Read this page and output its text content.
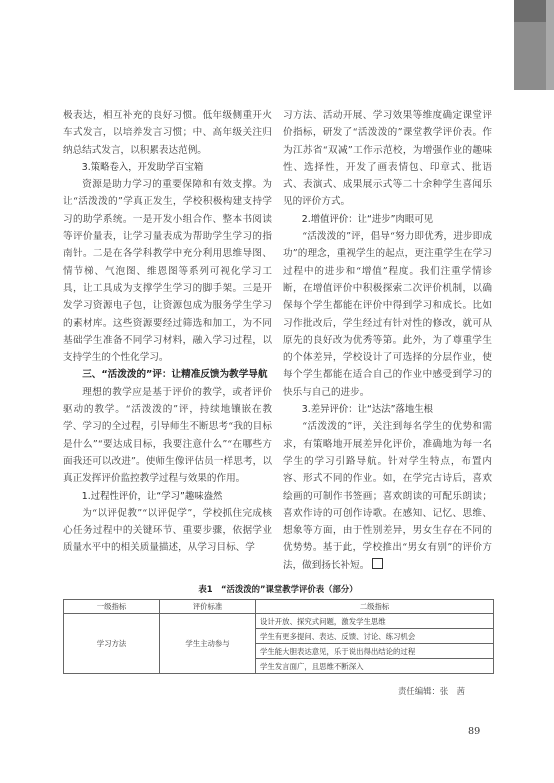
极表达，相互补充的良好习惯。低年级侧重开火车式发言，以培养发言习惯；中、高年级关注归纳总结式发言，以积累表达范例。

3.策略卷入，开发助学百宝箱

资源是助力学习的重要保障和有效支撑。为让“活泼泼的”学真正发生，学校积极构建支持学习的助学系统。一是开发小组合作、整本书阅读等评价量表，让学习量表成为帮助学生学习的指南针。二是在各学科教学中充分利用思维导图、情节梯、气泡图、维恩图等系列可视化学习工具，让工具成为支撑学生学习的脚手架。三是开发学习资源电子包，让资源包成为服务学生学习的素材库。这些资源要经过筛选和加工，为不同基础学生准备不同学习材料，融入学习过程，以支持学生的个性化学习。

三、“活泼泼的”评：让精准反馈为教学导航

理想的教学应是基于评价的教学，或者评价驱动的教学。“活泼泼的”评，持续地镶嵌在教学、学习的全过程，引导师生不断思考“我的目标是什么”“要达成目标，我要注意什么”“在哪些方面我还可以改进”。使师生像评估员一样思考，以真正发挥评价监控教学过程与效果的作用。

1.过程性评价，让“学习”趣味盎然

为“以评促教”“以评促学”，学校抓住完成核心任务过程中的关键环节、重要步骤，依据学业质量水平中的相关质量描述，从学习目标、学

习方法、活动开展、学习效果等维度确定课堂评价指标，研发了“活泼泼的”课堂教学评价表。作为江苏省“双减”工作示范校，为增强作业的趣味性、选择性，开发了画表情包、印章式、批语式、表演式、成果展示式等二十余种学生喜闻乐见的评价方式。

2.增值评价：让“进步”肉眼可见

“活泼泼的”评，倡导“努力即优秀，进步即成功”的理念，重视学生的起点，更注重学生在学习过程中的进步和“增值”程度。我们注重学情诊断，在增值评价中积极探索二次评价机制，以确保每个学生都能在评价中得到学习和成长。比如习作批改后，学生经过有针对性的修改，就可从原先的良好改为优秀等第。此外，为了尊重学生的个体差异，学校设计了可选择的分层作业，使每个学生都能在适合自己的作业中感受到学习的快乐与自己的进步。

3.差异评价：让“达法”落地生根

“活泼泼的”评，关注到每名学生的优势和需求，有策略地开展差异化评价，准确地为每一名学生的学习引路导航。针对学生特点，布置内容、形式不同的作业。如，在学完古诗后，喜欢绘画的可制作书签画；喜欢朗读的可配乐朗读；喜欢作诗的可创作诗歌。在感知、记忆、思维、想象等方面，由于性别差异，男女生存在不同的优势势。基于此，学校推出“男女有别”的评价方法，做到扬长补短。

表1　“活泼泼的”课堂教学评价表（部分）
一级指标	评价标准	二级指标
学习方法	学生主动参与	设计开放、探究式问题，激发学生思维
		学生有更多提问、表达、反馈、讨论、练习机会
		学生能大胆表达意见，乐于说出得出结论的过程
		学生发言面广，且思维不断深入
责任编辑：张　茜
89
